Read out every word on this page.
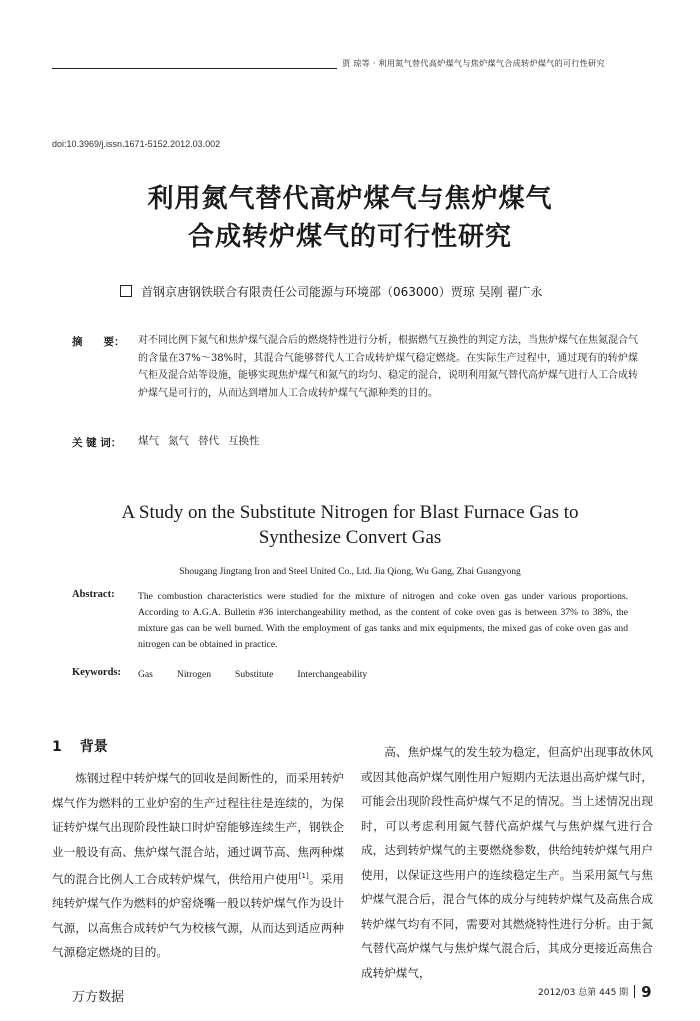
贾 琼等 · 利用氮气替代高炉煤气与焦炉煤气合成转炉煤气的可行性研究
doi:10.3969/j.issn.1671-5152.2012.03.002
利用氮气替代高炉煤气与焦炉煤气
合成转炉煤气的可行性研究
首钢京唐钢铁联合有限责任公司能源与环境部（063000）贾琼 吴刚 翟广永
摘　　要： 对不同比例下氮气和焦炉煤气混合后的燃烧特性进行分析，根据燃气互换性的判定方法，当焦炉煤气在焦氮混合气的含量在37%～38%时，其混合气能够替代人工合成转炉煤气稳定燃烧。在实际生产过程中，通过现有的转炉煤气柜及混合站等设施，能够实现焦炉煤气和氮气的均匀、稳定的混合，说明利用氮气替代高炉煤气进行人工合成转炉煤气是可行的，从而达到增加人工合成转炉煤气气源种类的目的。
关 键 词： 煤气 氮气 替代 互换性
A Study on the Substitute Nitrogen for Blast Furnace Gas to
Synthesize Convert Gas
Shougang Jingtang Iron and Steel United Co., Ltd. Jia Qiong, Wu Gang, Zhai Guangyong
Abstract: The combustion characteristics were studied for the mixture of nitrogen and coke oven gas under various proportions. According to A.G.A. Bulletin #36 interchangeability method, as the content of coke oven gas is between 37% to 38%, the mixture gas can be well burned. With the employment of gas tanks and mix equipments, the mixed gas of coke oven gas and nitrogen can be obtained in practice.
Keywords: Gas	Nitrogen	Substitute	Interchangeability
1 背景

炼钢过程中转炉煤气的回收是间断性的，而采用转炉煤气作为燃料的工业炉窑的生产过程往往是连续的，为保证转炉煤气出现阶段性缺口时炉窑能够连续生产，钢铁企业一般设有高、焦炉煤气混合站，通过调节高、焦两种煤气的混合比例人工合成转炉煤气，供给用户使用[1]。采用纯转炉煤气作为燃料的炉窑烧嘴一般以转炉煤气作为设计气源，以高焦合成转炉气为校核气源，从而达到适应两种气源稳定燃烧的目的。

高、焦炉煤气的发生较为稳定，但高炉出现事故休风或因其他高炉煤气刚性用户短期内无法退出高炉煤气时，可能会出现阶段性高炉煤气不足的情况。当上述情况出现时，可以考虑利用氮气替代高炉煤气与焦炉煤气进行合成，达到转炉煤气的主要燃烧参数，供给纯转炉煤气用户使用，以保证这些用户的连续稳定生产。当采用氮气与焦炉煤气混合后，混合气体的成分与纯转炉煤气及高焦合成转炉煤气均有不同，需要对其燃烧特性进行分析。由于氮气替代高炉煤气与焦炉煤气混合后，其成分更接近高焦合成转炉煤气，

万方数据	2012/03 总第 445 期 9
